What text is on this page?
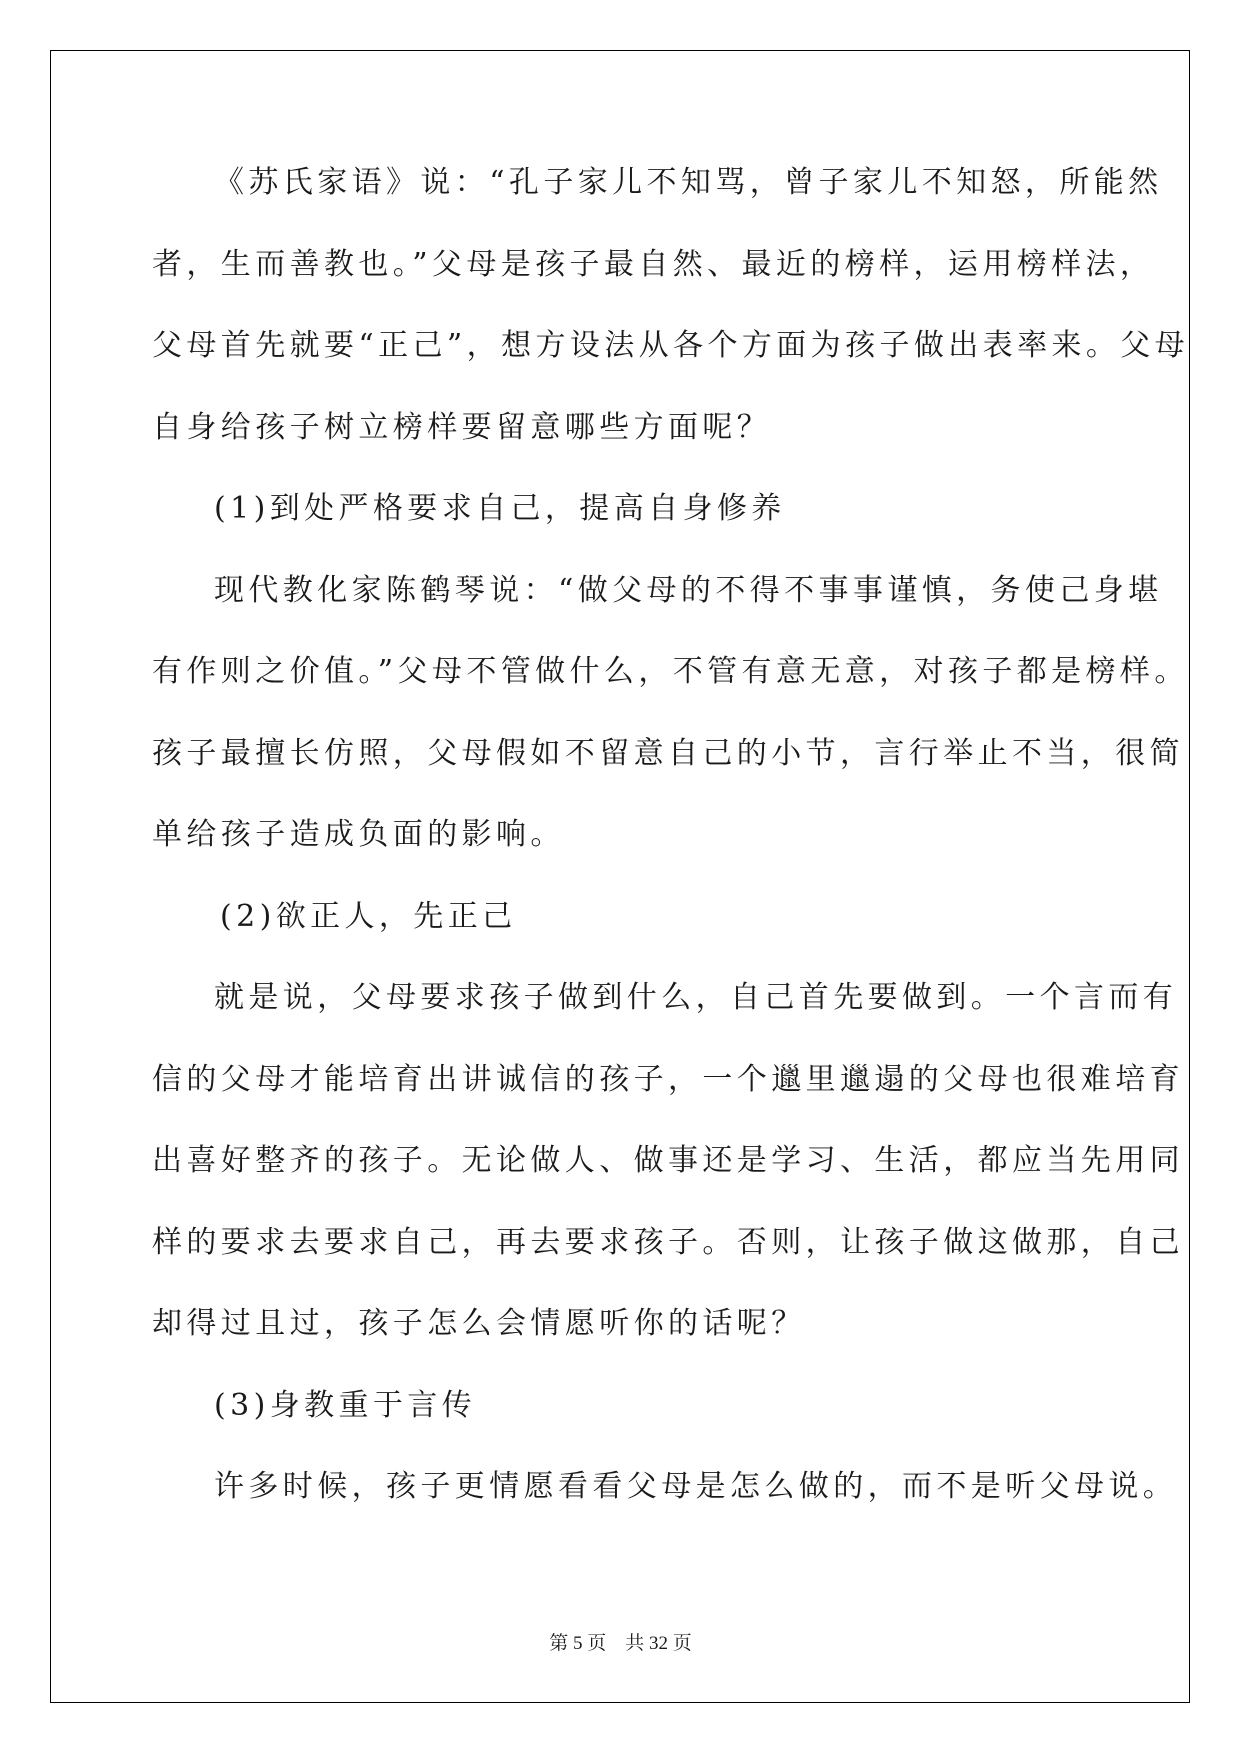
《苏氏家语》说：“孔子家儿不知骂，曾子家儿不知怒，所能然
者，生而善教也。”父母是孩子最自然、最近的榜样，运用榜样法，
父母首先就要“正己”，想方设法从各个方面为孩子做出表率来。父母
自身给孩子树立榜样要留意哪些方面呢？
(1)到处严格要求自己，提高自身修养
现代教化家陈鹤琴说：“做父母的不得不事事谨慎，务使己身堪
有作则之价值。”父母不管做什么，不管有意无意，对孩子都是榜样。
孩子最擅长仿照，父母假如不留意自己的小节，言行举止不当，很简
单给孩子造成负面的影响。
(2)欲正人，先正己
就是说，父母要求孩子做到什么，自己首先要做到。一个言而有
信的父母才能培育出讲诚信的孩子，一个邋里邋遢的父母也很难培育
出喜好整齐的孩子。无论做人、做事还是学习、生活，都应当先用同
样的要求去要求自己，再去要求孩子。否则，让孩子做这做那，自己
却得过且过，孩子怎么会情愿听你的话呢？
(3)身教重于言传
许多时候，孩子更情愿看看父母是怎么做的，而不是听父母说。
第 5 页    共 32 页
